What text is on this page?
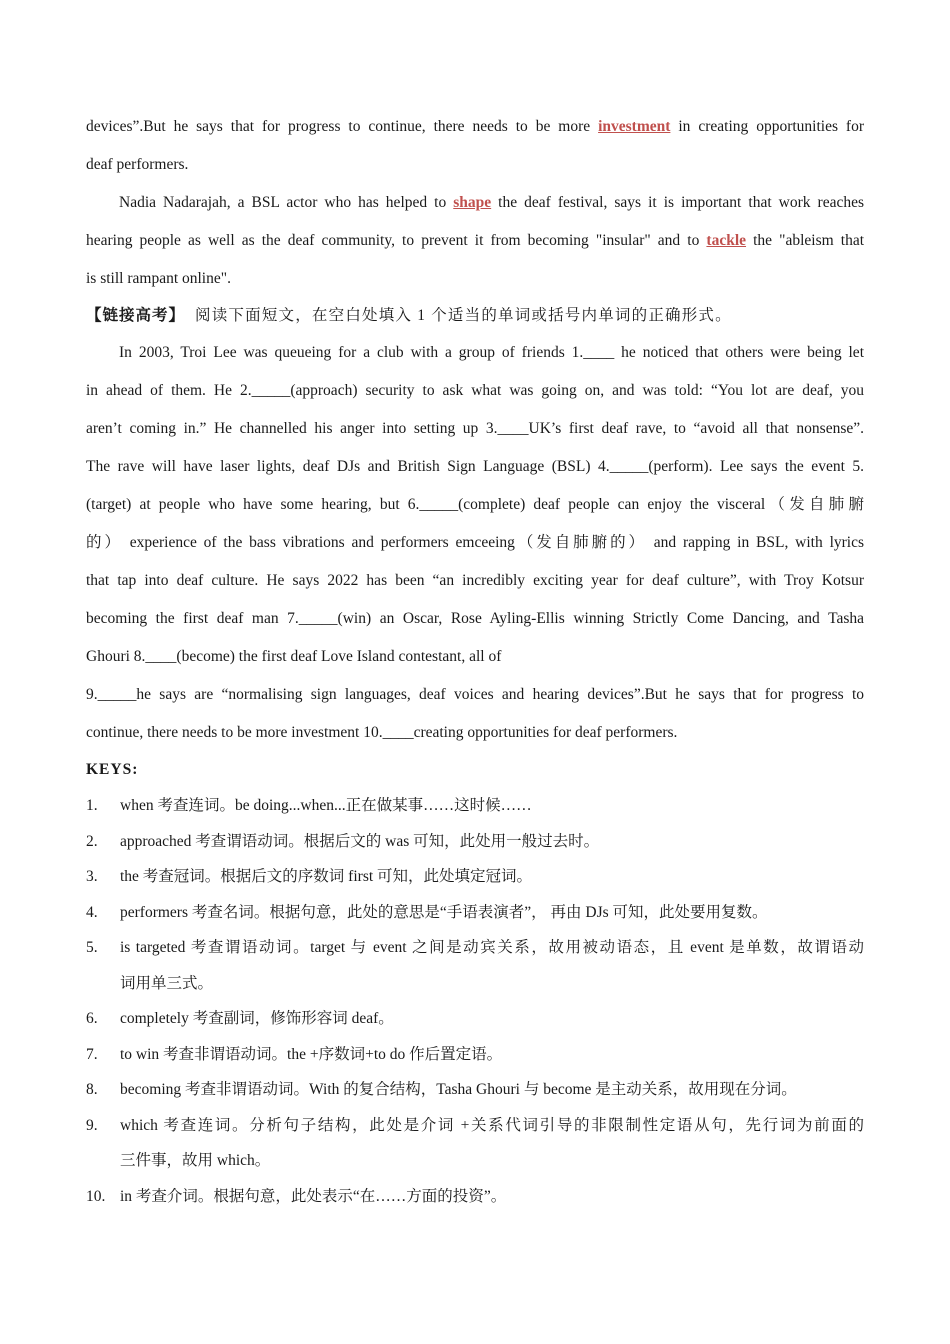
devices”.But he says that for progress to continue, there needs to be more investment in creating opportunities for
deaf performers.
Nadia Nadarajah, a BSL actor who has helped to shape the deaf festival, says it is important that work reaches
hearing people as well as the deaf community, to prevent it from becoming "insular" and to tackle the "ableism that
is still rampant online".
【链接高考】 阅读下面短文，在空白处填入 1 个适当的单词或括号内单词的正确形式。
In 2003, Troi Lee was queueing for a club with a group of friends 1.____ he noticed that others were being let
in ahead of them. He 2._____(approach) security to ask what was going on, and was told: “You lot are deaf, you
aren’t coming in.” He channelled his anger into setting up 3.____UK’s first deaf rave, to “avoid all that nonsense”.
The rave will have laser lights, deaf DJs and British Sign Language (BSL) 4._____(perform). Lee says the event 5.
(target) at people who have some hearing, but 6._____(complete) deaf people can enjoy the visceral（发自肺腑
的） experience of the bass vibrations and performers emceeing（发自肺腑的） and rapping in BSL, with lyrics
that tap into deaf culture. He says 2022 has been “an incredibly exciting year for deaf culture”, with Troy Kotsur
becoming the first deaf man 7._____(win) an Oscar, Rose Ayling-Ellis winning Strictly Come Dancing, and Tasha
Ghouri 8.____(become) the first deaf Love Island contestant, all of
9._____he says are “normalising sign languages, deaf voices and hearing devices”.But he says that for progress to
continue, there needs to be more investment 10.____creating opportunities for deaf performers.
KEYS:
1. when 考查连词。be doing...when...正在做某事……这时候……
2. approached 考查谓语动词。根据后文的 was 可知，此处用一般过去时。
3. the 考查冠词。根据后文的序数词 first 可知，此处填定冠词。
4. performers 考查名词。根据句意，此处的意思是“手语表演者”， 再由 DJs 可知，此处要用复数。
5. is targeted 考查谓语动词。target 与 event 之间是动宾关系，故用被动语态，且 event 是单数，故谓语动
词用单三式。
6. completely 考查副词，修饰形容词 deaf。
7. to win 考查非谓语动词。the +序数词+to do 作后置定语。
8. becoming 考查非谓语动词。With 的复合结构，Tasha Ghouri 与 become 是主动关系，故用现在分词。
9. which 考查连词。分析句子结构，此处是介词 +关系代词引导的非限制性定语从句，先行词为前面的
三件事，故用 which。
10. in 考查介词。根据句意，此处表示“在……方面的投资”。
